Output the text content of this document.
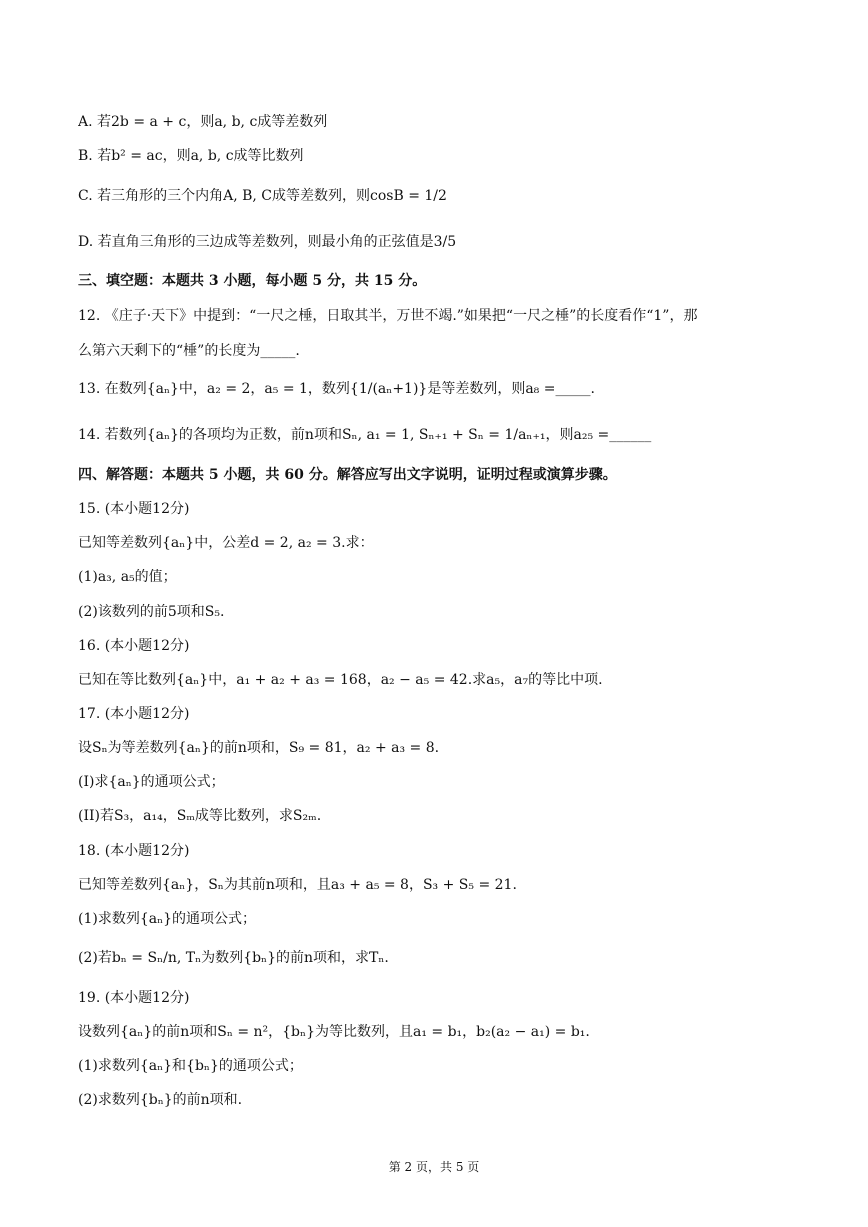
A. 若2b = a + c，则a, b, c成等差数列
B. 若b² = ac，则a, b, c成等比数列
C. 若三角形的三个内角A, B, C成等差数列，则cosB = 1/2
D. 若直角三角形的三边成等差数列，则最小角的正弦值是3/5
三、填空题：本题共 3 小题，每小题 5 分，共 15 分。
12. 《庄子·天下》中提到：“一尺之棰，日取其半，万世不竭.”如果把“一尺之棰”的长度看作“1”，那
么第六天剩下的“棰”的长度为_____.
13. 在数列{aₙ}中，a₂ = 2，a₅ = 1，数列{1/(aₙ+1)}是等差数列，则a₈ =_____.
14. 若数列{aₙ}的各项均为正数，前n项和Sₙ, a₁ = 1, Sₙ₊₁ + Sₙ = 1/aₙ₊₁，则a₂₅ =______
四、解答题：本题共 5 小题，共 60 分。解答应写出文字说明，证明过程或演算步骤。
15. (本小题12分)
已知等差数列{aₙ}中，公差d = 2, a₂ = 3.求：
(1)a₃, a₅的值；
(2)该数列的前5项和S₅.
16. (本小题12分)
已知在等比数列{aₙ}中，a₁ + a₂ + a₃ = 168，a₂ − a₅ = 42.求a₅，a₇的等比中项.
17. (本小题12分)
设Sₙ为等差数列{aₙ}的前n项和，S₉ = 81，a₂ + a₃ = 8.
(I)求{aₙ}的通项公式；
(II)若S₃，a₁₄，Sₘ成等比数列，求S₂ₘ.
18. (本小题12分)
已知等差数列{aₙ}，Sₙ为其前n项和，且a₃ + a₅ = 8，S₃ + S₅ = 21.
(1)求数列{aₙ}的通项公式；
(2)若bₙ = Sₙ/n, Tₙ为数列{bₙ}的前n项和，求Tₙ.
19. (本小题12分)
设数列{aₙ}的前n项和Sₙ = n²，{bₙ}为等比数列，且a₁ = b₁，b₂(a₂ − a₁) = b₁.
(1)求数列{aₙ}和{bₙ}的通项公式；
(2)求数列{bₙ}的前n项和.
第 2 页，共 5 页
